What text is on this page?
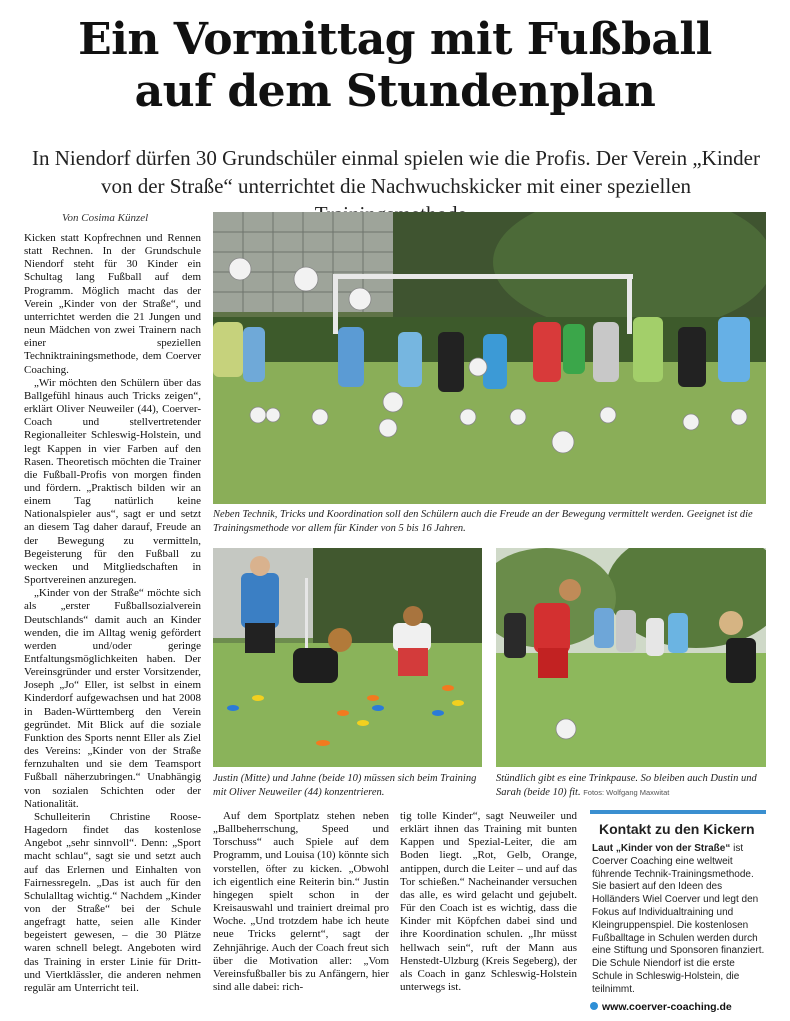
Ein Vormittag mit Fußball
auf dem Stundenplan
In Niendorf dürfen 30 Grundschüler einmal spielen wie die Profis. Der Verein „Kinder von der Straße“ unterrichtet die Nachwuchskicker mit einer speziellen
Von Cosima Künzel

Kicken statt Kopfrechnen und Rennen statt Rechnen. In der Grundschule Niendorf steht für 30 Kinder ein Schultag lang Fußball auf dem Programm. Möglich macht das der Verein „Kinder von der Straße“, und unterrichtet werden die 21 Jungen und neun Mädchen von zwei Trainern nach einer speziellen Techniktrainingsmethode, dem Coerver Coaching.

„Wir möchten den Schülern über das Ballgefühl hinaus auch Tricks zeigen“, erklärt Oliver Neuweiler (44), Coerver-Coach und stellvertretender Regionalleiter Schleswig-Holstein, und legt Kappen in vier Farben auf den Rasen. Theoretisch möchten die Trainer die Fußball-Profis von morgen finden und fördern. „Praktisch bilden wir an einem Tag natürlich keine Nationalspieler aus“, sagt er und setzt an diesem Tag daher darauf, Freude an der Bewegung zu vermitteln, Begeisterung für den Fußball zu wecken und Mitgliedschaften in Sportvereinen anzuregen.

„Kinder von der Straße“ möchte sich als „erster Fußballsozialverein Deutschlands“ damit auch an Kinder wenden, die im Alltag wenig gefördert werden und/oder geringe Entfaltungsmöglichkeiten haben. Der Vereinsgründer und erster Vorsitzender, Joseph „Jo“ Eller, ist selbst in einem Kinderdorf aufgewachsen und hat 2008 in Baden-Württemberg den Verein gegründet. Mit Blick auf die soziale Funktion des Sports nennt Eller als Ziel des Vereins: „Kinder von der Straße fernzuhalten und sie dem Teamsport Fußball näherzubringen.“ Unabhängig von sozialen Schichten oder der Nationalität.

Schulleiterin Christine Roose-Hagedorn findet das kostenlose Angebot „sehr sinnvoll“. Denn: „Sport macht schlau“, sagt sie und setzt auch auf das Erlernen und Einhalten von Fairnessregeln. „Das ist auch für den Schulalltag wichtig.“ Nachdem „Kinder von der Straße“ bei der Schule angefragt hatte, seien alle Kinder begeistert gewesen, – die 30 Plätze waren schnell belegt. Angeboten wird das Training in erster Linie für Dritt- und Viertklässler, die anderen nehmen regulär am Unterricht teil.

Neben Technik, Tricks und Koordination soll den Schülern auch die Freude an der Bewegung vermittelt werden. Geeignet ist die Trainingsmethode vor allem für Kinder von 5 bis 16 Jahren.
Justin (Mitte) und Jahne (beide 10) müssen sich beim Training mit Oliver Neuweiler (44) konzentrieren.
Stündlich gibt es eine Trinkpause. So bleiben auch Dustin und Sarah (beide 10) fit. Fotos: Wolfgang Maxwitat

Auf dem Sportplatz stehen neben „Ballbeherrschung, Speed und Torschuss“ auch Spiele auf dem Programm, und Louisa (10) könnte sich vorstellen, öfter zu kicken. „Obwohl ich eigentlich eine Reiterin bin.“ Justin hingegen spielt schon in der Kreisauswahl und trainiert dreimal pro Woche. „Und trotzdem habe ich heute neue Tricks gelernt“, sagt der Zehnjährige. Auch der Coach freut sich über die Motivation aller: „Vom Vereinsfußballer bis zu Anfängern, hier sind alle dabei: rich-

tig tolle Kinder“, sagt Neuweiler und erklärt ihnen das Training mit bunten Kappen und Spezial-Leiter, die am Boden liegt. „Rot, Gelb, Orange, antippen, durch die Leiter – und auf das Tor schießen.“ Nacheinander versuchen das alle, es wird gelacht und gejubelt. Für den Coach ist es wichtig, dass die Kinder mit Köpfchen dabei sind und ihre Koordination schulen. „Ihr müsst hellwach sein“, ruft der Mann aus Henstedt-Ulzburg (Kreis Segeberg), der als Coach in ganz Schleswig-Holstein unterwegs ist.

Kontakt zu den Kickern
Laut „Kinder von der Straße“ ist Coerver Coaching eine weltweit führende Technik-Trainingsmethode. Sie basiert auf den Ideen des Holländers Wiel Coerver und legt den Fokus auf Individualtraining und Kleingruppenspiel. Die kostenlosen Fußballtage in Schulen werden durch eine Stiftung und Sponsoren finanziert. Die Schule Niendorf ist die erste Schule in Schleswig-Holstein, die teilnimmt.
www.coerver-coaching.de
